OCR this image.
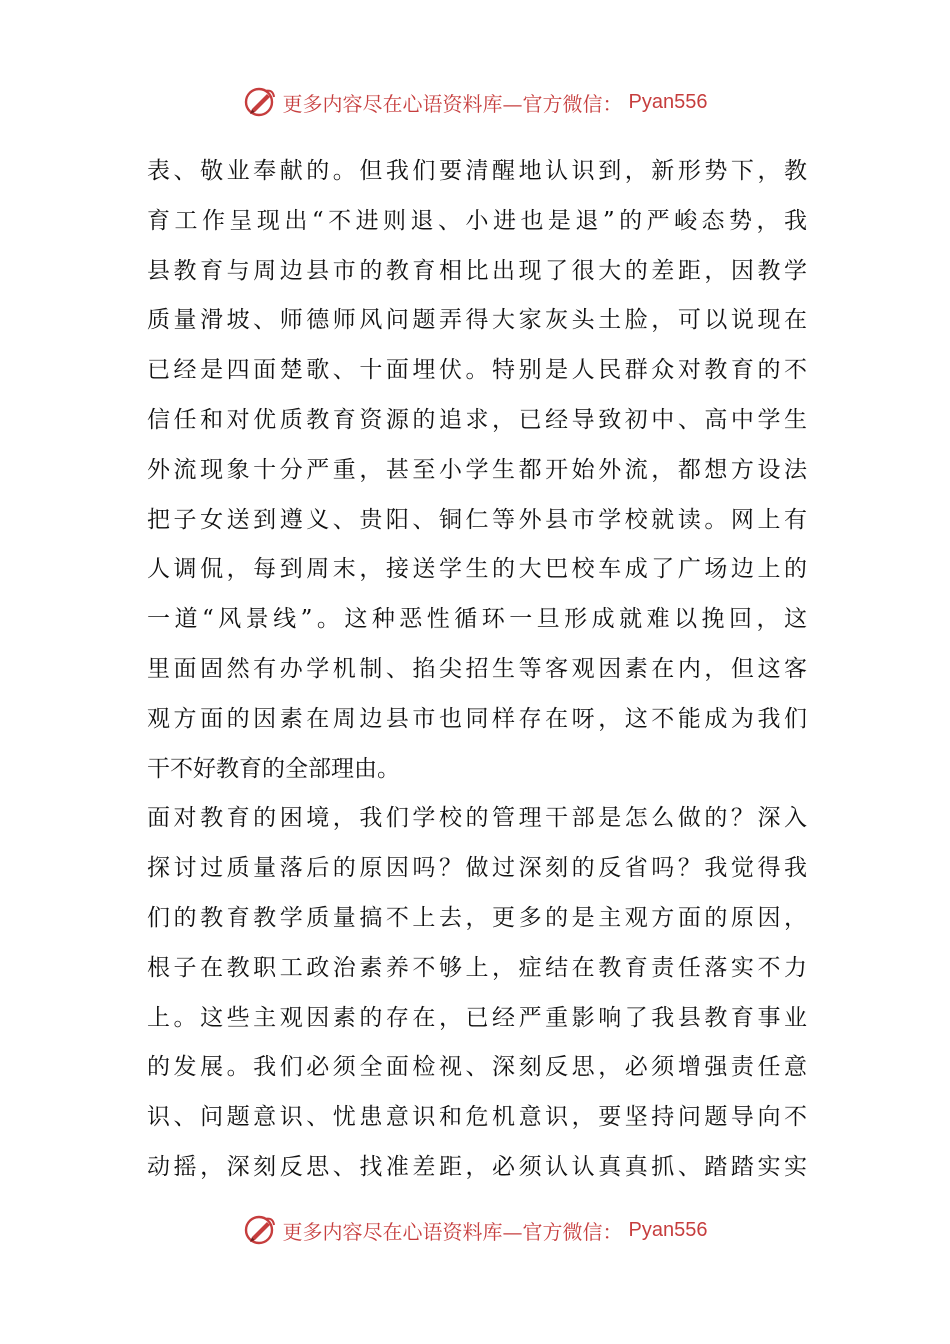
更多内容尽在心语资料库—官方微信： Pyan556
表、敬业奉献的。但我们要清醒地认识到，新形势下，教
育工作呈现出“不进则退、小进也是退”的严峻态势，我
县教育与周边县市的教育相比出现了很大的差距，因教学
质量滑坡、师德师风问题弄得大家灰头土脸，可以说现在
已经是四面楚歌、十面埋伏。特别是人民群众对教育的不
信任和对优质教育资源的追求，已经导致初中、高中学生
外流现象十分严重，甚至小学生都开始外流，都想方设法
把子女送到遵义、贵阳、铜仁等外县市学校就读。网上有
人调侃，每到周末，接送学生的大巴校车成了广场边上的
一道“风景线”。这种恶性循环一旦形成就难以挽回，这
里面固然有办学机制、掐尖招生等客观因素在内，但这客
观方面的因素在周边县市也同样存在呀，这不能成为我们
干不好教育的全部理由。
面对教育的困境，我们学校的管理干部是怎么做的？深入
探讨过质量落后的原因吗？做过深刻的反省吗？我觉得我
们的教育教学质量搞不上去，更多的是主观方面的原因，
根子在教职工政治素养不够上，症结在教育责任落实不力
上。这些主观因素的存在，已经严重影响了我县教育事业
的发展。我们必须全面检视、深刻反思，必须增强责任意
识、问题意识、忧患意识和危机意识，要坚持问题导向不
动摇，深刻反思、找准差距，必须认认真真抓、踏踏实实
更多内容尽在心语资料库—官方微信： Pyan556
